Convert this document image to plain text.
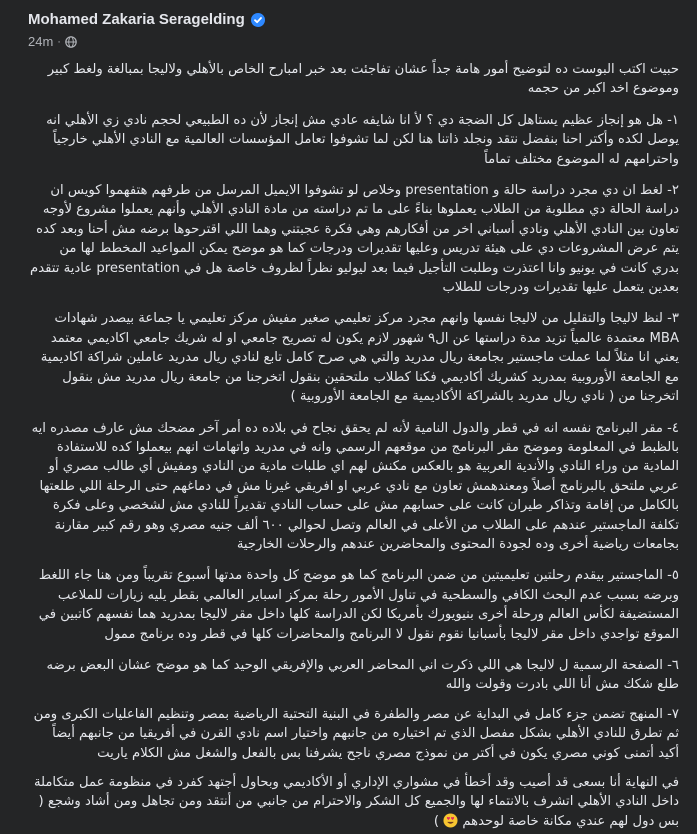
Mohamed Zakaria Seragelding
24m ·

حبيت اكتب البوست ده لتوضيح أمور هامة جداً عشان تفاجئت بعد خبر امبارح الخاص بالأهلي ولاليجا بمبالغة ولغط كبير وموضوع اخد اكبر من حجمه

١- هل هو إنجاز عظيم يستاهل كل الضجة دي ؟ لأ انا شايفه عادي مش إنجاز لأن ده الطبيعي لحجم نادي زي الأهلي انه يوصل لكده وأكتر احنا بنفضل نتقد ونجلد ذاتنا هنا لكن لما تشوفوا تعامل المؤسسات العالمية مع النادي الأهلي خارجياً واحترامهم له الموضوع مختلف تماماً

٢- لغط ان دي مجرد دراسة حالة و presentation وخلاص لو تشوفوا الايميل المرسل من طرفهم هتفهموا كويس ان دراسة الحالة دي مطلوبة من الطلاب يعملوها بناءً على ما تم دراسته من مادة النادي الأهلي وأنهم يعملوا مشروع لأوجه تعاون بين النادي الأهلي ونادي أسباني اخر من أفكارهم وهي فكرة عجبتني وهما اللي اقترحوها برضه مش أحنا وبعد كده يتم عرض المشروعات دي على هيئة تدريس وعليها تقديرات ودرجات كما هو موضح يمكن المواعيد المخطط لها من بدري كانت في يونيو وانا اعتذرت وطلبت التأجيل فيما بعد ليوليو نظراً لظروف خاصة هل في presentation عادية تتقدم بعدين يتعمل عليها تقديرات ودرجات للطلاب

٣- لنظ لاليجا والتقليل من لاليجا نفسها وانهم مجرد مركز تعليمي صغير مفيش مركز تعليمي يا جماعة بيصدر شهادات MBA معتمدة عالمياً تزيد مدة دراستها عن ال٩ شهور لازم يكون له تصريح جامعي او له شريك جامعي اكاديمي معتمد يعني انا مثلاً لما عملت ماجستير بجامعة ريال مدريد والتي هي صرح كامل تابع لنادي ريال مدريد عاملين شراكة اكاديمية مع الجامعة الأوروبية بمدريد كشريك أكاديمي فكنا كطلاب ملتحقين بنقول اتخرجنا من جامعة ريال مدريد مش بنقول اتخرجنا من ( نادي ريال مدريد بالشراكة الأكاديمية مع الجامعة الأوروبية )

٤- مقر البرنامج نفسه انه في قطر والدول النامية لأنه لم يحقق نجاح في بلاده ده أمر آخر مضحك مش عارف مصدره ايه بالظبط في المعلومة وموضح مقر البرنامج من موقعهم الرسمي وانه في مدريد واتهامات انهم بيعملوا كده للاستفادة المادية من وراء النادي والأندية العربية هو بالعكس مكنش لهم اي طلبات مادية من النادي ومفيش أي طالب مصري أو عربي ملتحق بالبرنامج أصلاً ومعندهمش تعاون مع نادي عربي او افريقي غيرنا مش في دماغهم حتى الرحلة اللي طلعتها بالكامل من إقامة وتذاكر طيران كانت على حسابهم مش على حساب النادي تقديراً للنادي مش لشخصي وعلى فكرة تكلفة الماجستير عندهم على الطلاب من الأعلى في العالم وتصل لحوالي ٦٠٠ ألف جنيه مصري وهو رقم كبير مقارنة بجامعات رياضية أخرى وده لجودة المحتوى والمحاضرين عندهم والرحلات الخارجية

٥- الماجستير بيقدم رحلتين تعليميتين من ضمن البرنامج كما هو موضح كل واحدة مدتها أسبوع تقريباً ومن هنا جاء اللغط وبرضه بسبب عدم البحث الكافي والسطحية في تناول الأمور رحلة بمركز اسباير العالمي بقطر يليه زيارات للملاعب المستضيفة لكأس العالم ورحلة أخرى بنيويورك بأمريكا لكن الدراسة كلها داخل مقر لاليجا بمدريد هما نفسهم كاتبين في الموقع تواجدي داخل مقر لاليجا بأسبانيا نقوم نقول لا البرنامج والمحاضرات كلها في قطر وده برنامج ممول

٦- الصفحة الرسمية ل لاليجا هي اللي ذكرت اني المحاضر العربي والإفريقي الوحيد كما هو موضح عشان البعض برضه طلع شكك مش أنا اللي بادرت وقولت والله

٧- المنهج تضمن جزء كامل في البداية عن مصر والطفرة في البنية التحتية الرياضية بمصر وتنظيم الفاعليات الكبرى ومن ثم تطرق للنادي الأهلي بشكل مفصل الذي تم اختياره من جانبهم واختيار اسم نادي القرن في أفريقيا من جانبهم أيضاً أكيد أتمنى كوني مصري يكون في أكتر من نموذج مصري ناجح يشرفنا بس بالفعل والشغل مش الكلام ياريت

في النهاية أنا بسعى قد أصيب وقد أخطأ في مشواري الإداري أو الأكاديمي وبحاول أجتهد كفرد في منظومة عمل متكاملة داخل النادي الأهلي اتشرف بالانتماء لها والجميع كل الشكر والاحترام من جانبي من أنتقد ومن تجاهل ومن أشاد وشجع ( بس دول لهم عندي مكانة خاصة لوحدهم  )
